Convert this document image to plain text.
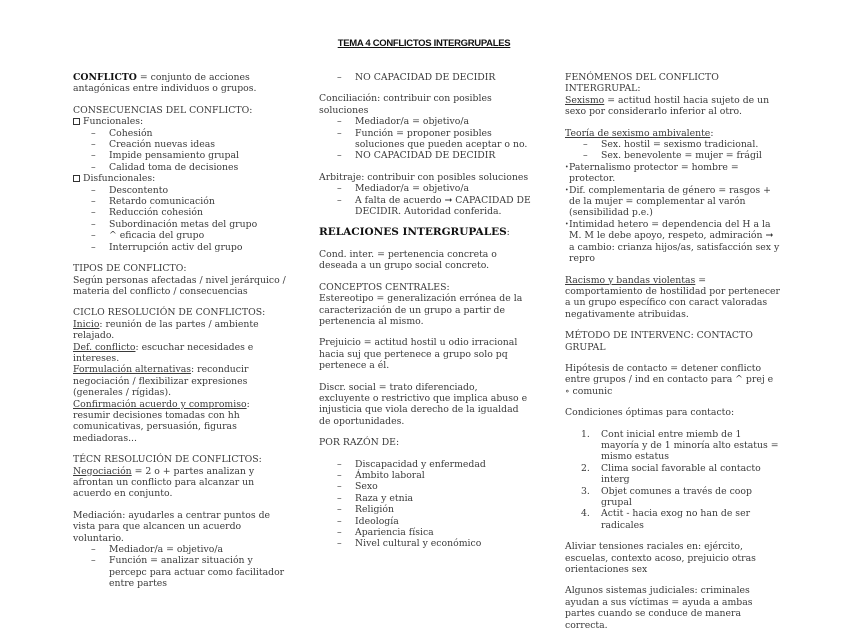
TEMA 4 CONFLICTOS INTERGRUPALES

CONFLICTO = conjunto de acciones antagónicas entre individuos o grupos.

CONSECUENCIAS DEL CONFLICTO:

Funcionales:

– Cohesión

– Creación nuevas ideas

– Impide pensamiento grupal

– Calidad toma de decisiones

Disfuncionales:

– Descontento

– Retardo comunicación

– Reducción cohesión

– Subordinación metas del grupo

– ^ eficacia del grupo

– Interrupción activ del grupo

TIPOS DE CONFLICTO:

Según personas afectadas / nivel jerárquico / materia del conflicto / consecuencias

CICLO RESOLUCIÓN DE CONFLICTOS:

Inicio: reunión de las partes / ambiente relajado.

Def. conflicto: escuchar necesidades e intereses.

Formulación alternativas: reconducir negociación / flexibilizar expresiones (generales / rígidas).

Confirmación acuerdo y compromiso: resumir decisiones tomadas con hh comunicativas, persuasión, figuras mediadoras...

TÉCN RESOLUCIÓN DE CONFLICTOS:

Negociación = 2 o + partes analizan y afrontan un conflicto para alcanzar un acuerdo en conjunto.

Mediación: ayudarles a centrar puntos de vista para que alcancen un acuerdo voluntario.

– Mediador/a = objetivo/a

– Función = analizar situación y percepc para actuar como facilitador entre partes

– NO CAPACIDAD DE DECIDIR

Conciliación: contribuir con posibles soluciones

– Mediador/a = objetivo/a

– Función = proponer posibles soluciones que pueden aceptar o no.

– NO CAPACIDAD DE DECIDIR

Arbitraje: contribuir con posibles soluciones

– Mediador/a = objetivo/a

– A falta de acuerdo ➞ CAPACIDAD DE DECIDIR. Autoridad conferida.

RELACIONES INTERGRUPALES:

Cond. inter. = pertenencia concreta o deseada a un grupo social concreto.

CONCEPTOS CENTRALES:

Estereotipo = generalización errónea de la caracterización de un grupo a partir de pertenencia al mismo.

Prejuicio = actitud hostil u odio irracional hacia suj que pertenece a grupo solo pq pertenece a él.

Discr. social = trato diferenciado, excluyente o restrictivo que implica abuso e injusticia que viola derecho de la igualdad de oportunidades.

POR RAZÓN DE:

– Discapacidad y enfermedad

– Ámbito laboral

– Sexo

– Raza y etnia

– Religión

– Ideología

– Apariencia física

– Nivel cultural y económico

FENÓMENOS DEL CONFLICTO INTERGRUPAL:

Sexismo = actitud hostil hacia sujeto de un sexo por considerarlo inferior al otro.

Teoría de sexismo ambivalente:

– Sex. hostil = sexismo tradicional.

– Sex. benevolente = mujer = frágil

• Paternalismo protector = hombre = protector.

• Dif. complementaria de género = rasgos + de la mujer = complementar al varón (sensibilidad p.e.)

• Intimidad hetero = dependencia del H a la M. M le debe apoyo, respeto, admiración ➞ a cambio: crianza hijos/as, satisfacción sex y repro

Racismo y bandas violentas = comportamiento de hostilidad por pertenecer a un grupo específico con caract valoradas negativamente atribuidas.

MÉTODO DE INTERVENC: CONTACTO GRUPAL

Hipótesis de contacto = detener conflicto entre grupos / ind en contacto para ^ prej e ∘ comunic

Condiciones óptimas para contacto:

1. Cont inicial entre miemb de 1 mayoría y de 1 minoría alto estatus = mismo estatus

2. Clima social favorable al contacto interg

3. Objet comunes a través de coop grupal

4. Actit - hacia exog no han de ser radicales

Aliviar tensiones raciales en: ejército, escuelas, contexto acoso, prejuicio otras orientaciones sex

Algunos sistemas judiciales: criminales ayudan a sus víctimas = ayuda a ambas partes cuando se conduce de manera correcta.
